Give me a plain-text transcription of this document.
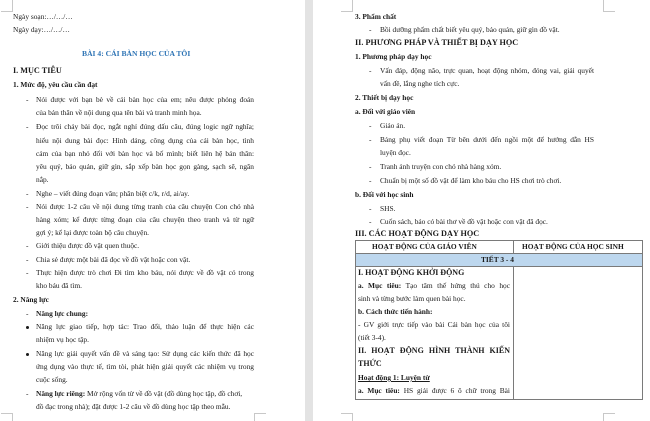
Ngày soạn:…/…/…
Ngày dạy:…/…/…
BÀI 4: CÁI BÀN HỌC CỦA TÔI
I. MỤC TIÊU
1. Mức độ, yêu cầu cần đạt
- Nói được với bạn bè về cái bàn học của em; nêu được phỏng đoán
của bản thân về nội dung qua tên bài và tranh minh họa.
- Đọc trôi chảy bài đọc, ngắt nghỉ đúng dấu câu, đúng logic ngữ nghĩa;
hiểu nội dung bài đọc: Hình dáng, công dụng của cái bàn học, tình
cảm của bạn nhỏ đối với bàn học và bố mình; biết liên hệ bản thân:
yêu quý, bảo quản, giữ gìn, sắp xếp bàn học gọn gàng, sạch sẽ, ngăn
nắp.
- Nghe – viết đúng đoạn văn; phân biệt c/k, r/d, ai/ay.
- Nói được 1-2 câu về nội dung từng tranh của câu chuyện Con chó nhà
hàng xóm; kể được từng đoạn của câu chuyện theo tranh và từ ngữ
gợi ý; kể lại được toàn bộ câu chuyện.
- Giới thiệu được đồ vật quen thuộc.
- Chia sẻ được một bài đã đọc về đồ vật hoặc con vật.
- Thực hiện được trò chơi Đi tìm kho báu, nói được về đồ vật có trong
kho báu đã tìm.
2. Năng lực
- Năng lực chung:
Năng lực giao tiếp, hợp tác: Trao đổi, thảo luận để thực hiện các
nhiệm vụ học tập.
Năng lực giải quyết vấn đề và sáng tạo: Sử dụng các kiến thức đã học
ứng dụng vào thực tế, tìm tòi, phát hiện giải quyết các nhiệm vụ trong
cuộc sống.
- Năng lực riêng: Mở rộng vốn từ về đồ vật (đồ dùng học tập, đồ chơi,
đồ đạc trong nhà); đặt được 1-2 câu về đồ dùng học tập theo mẫu.
3. Phẩm chất
- Bồi dưỡng phẩm chất biết yêu quý, bảo quản, giữ gìn đồ vật.
II. PHƯƠNG PHÁP VÀ THIẾT BỊ DẠY HỌC
1. Phương pháp dạy học
- Vấn đáp, động não, trực quan, hoạt động nhóm, đóng vai, giải quyết
vấn đề, lắng nghe tích cực.
2. Thiết bị dạy học
a. Đối với giáo viên
- Giáo án.
- Bảng phụ viết đoạn Từ bên dưới đến ngồi một để hướng dẫn HS
luyện đọc.
- Tranh ảnh truyện con chó nhà hàng xóm.
- Chuẩn bị một số đồ vật để làm kho báu cho HS chơi trò chơi.
b. Đối với học sinh
- SHS.
- Cuốn sách, báo có bài thơ về đồ vật hoặc con vật đã đọc.
III. CÁC HOẠT ĐỘNG DẠY HỌC
HOẠT ĐỘNG CỦA GIÁO VIÊN	HOẠT ĐỘNG CỦA HỌC SINH
TIẾT 3 - 4
I. HOẠT ĐỘNG KHỞI ĐỘNG
a. Mục tiêu: Tạo tâm thế hứng thú cho học
sinh và từng bước làm quen bài học.
b. Cách thức tiến hành:
- GV giới trực tiếp vào bài Cái bàn học của tôi
(tiết 3-4).
II. HOẠT ĐỘNG HÌNH THÀNH KIẾN
THỨC
Hoạt động 1: Luyện từ
a. Mục tiêu: HS giải được 6 ô chữ trong Bài
